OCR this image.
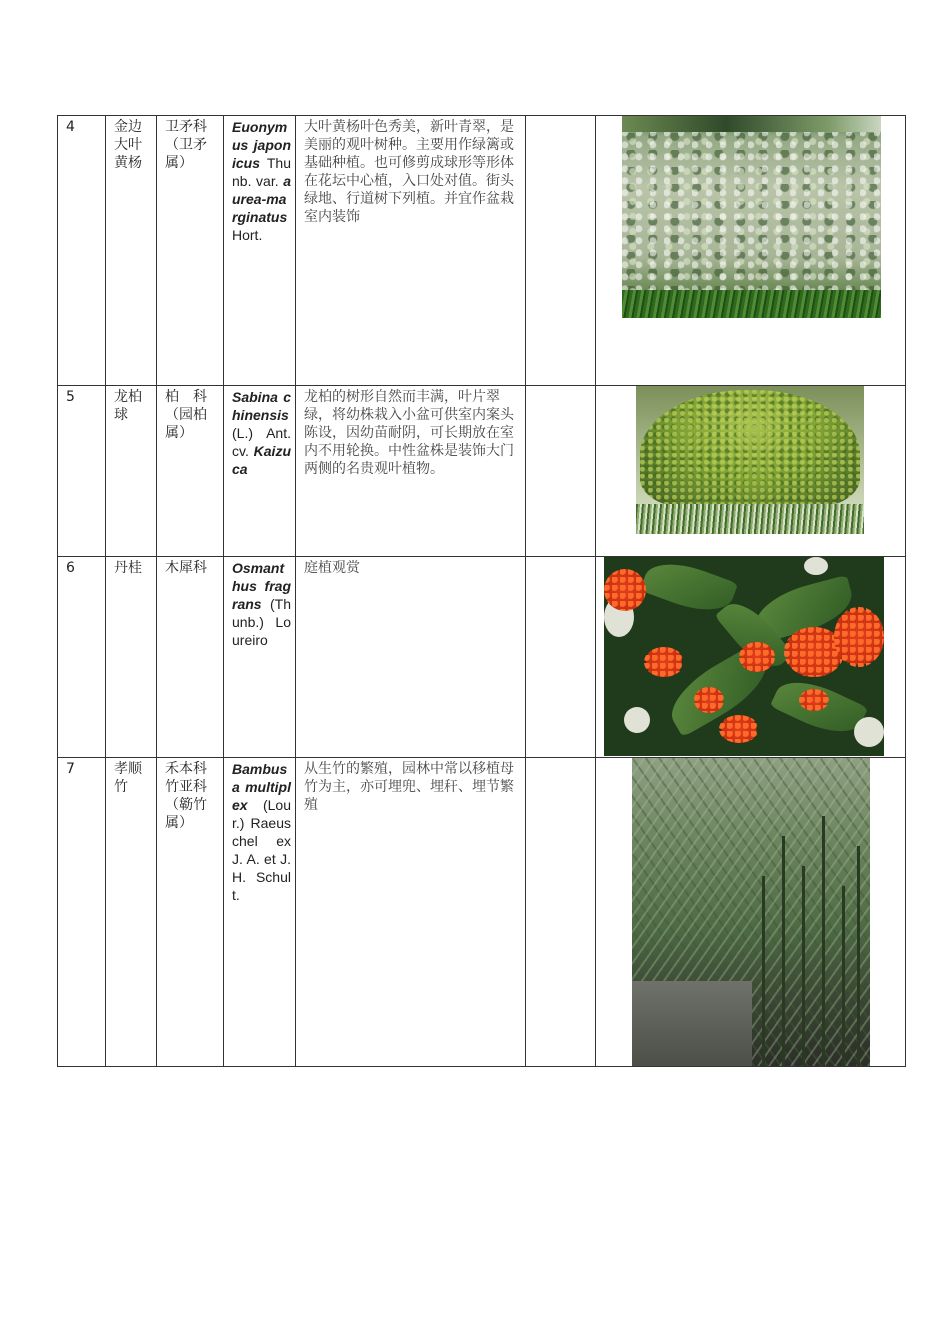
4	金边大叶黄杨	卫矛科（卫矛属）	Euonymus japonicus Thunb. var. aurea-marginatus Hort.	大叶黄杨叶色秀美，新叶青翠，是美丽的观叶树种。主要用作绿篱或基础种植。也可修剪成球形等形体在花坛中心植，入口处对值。街头绿地、行道树下列植。并宜作盆栽室内装饰		

5	龙柏球	柏　科（园柏属）	Sabina chinensis (L.) Ant. cv. Kaizuca	龙柏的树形自然而丰满，叶片翠绿，将幼株栽入小盆可供室内案头陈设，因幼苗耐阴，可长期放在室内不用轮换。中性盆株是装饰大门两侧的名贵观叶植物。		

6	丹桂	木犀科	Osmanthus fragrans (Thunb.) Loureiro	庭植观赏		

7	孝顺竹	禾本科竹亚科（簕竹属）	Bambusa multiplex (Lour.) Raeuschel ex J. A. et J. H. Schult.	从生竹的繁殖，园林中常以移植母竹为主，亦可埋兜、埋秆、埋节繁殖		
